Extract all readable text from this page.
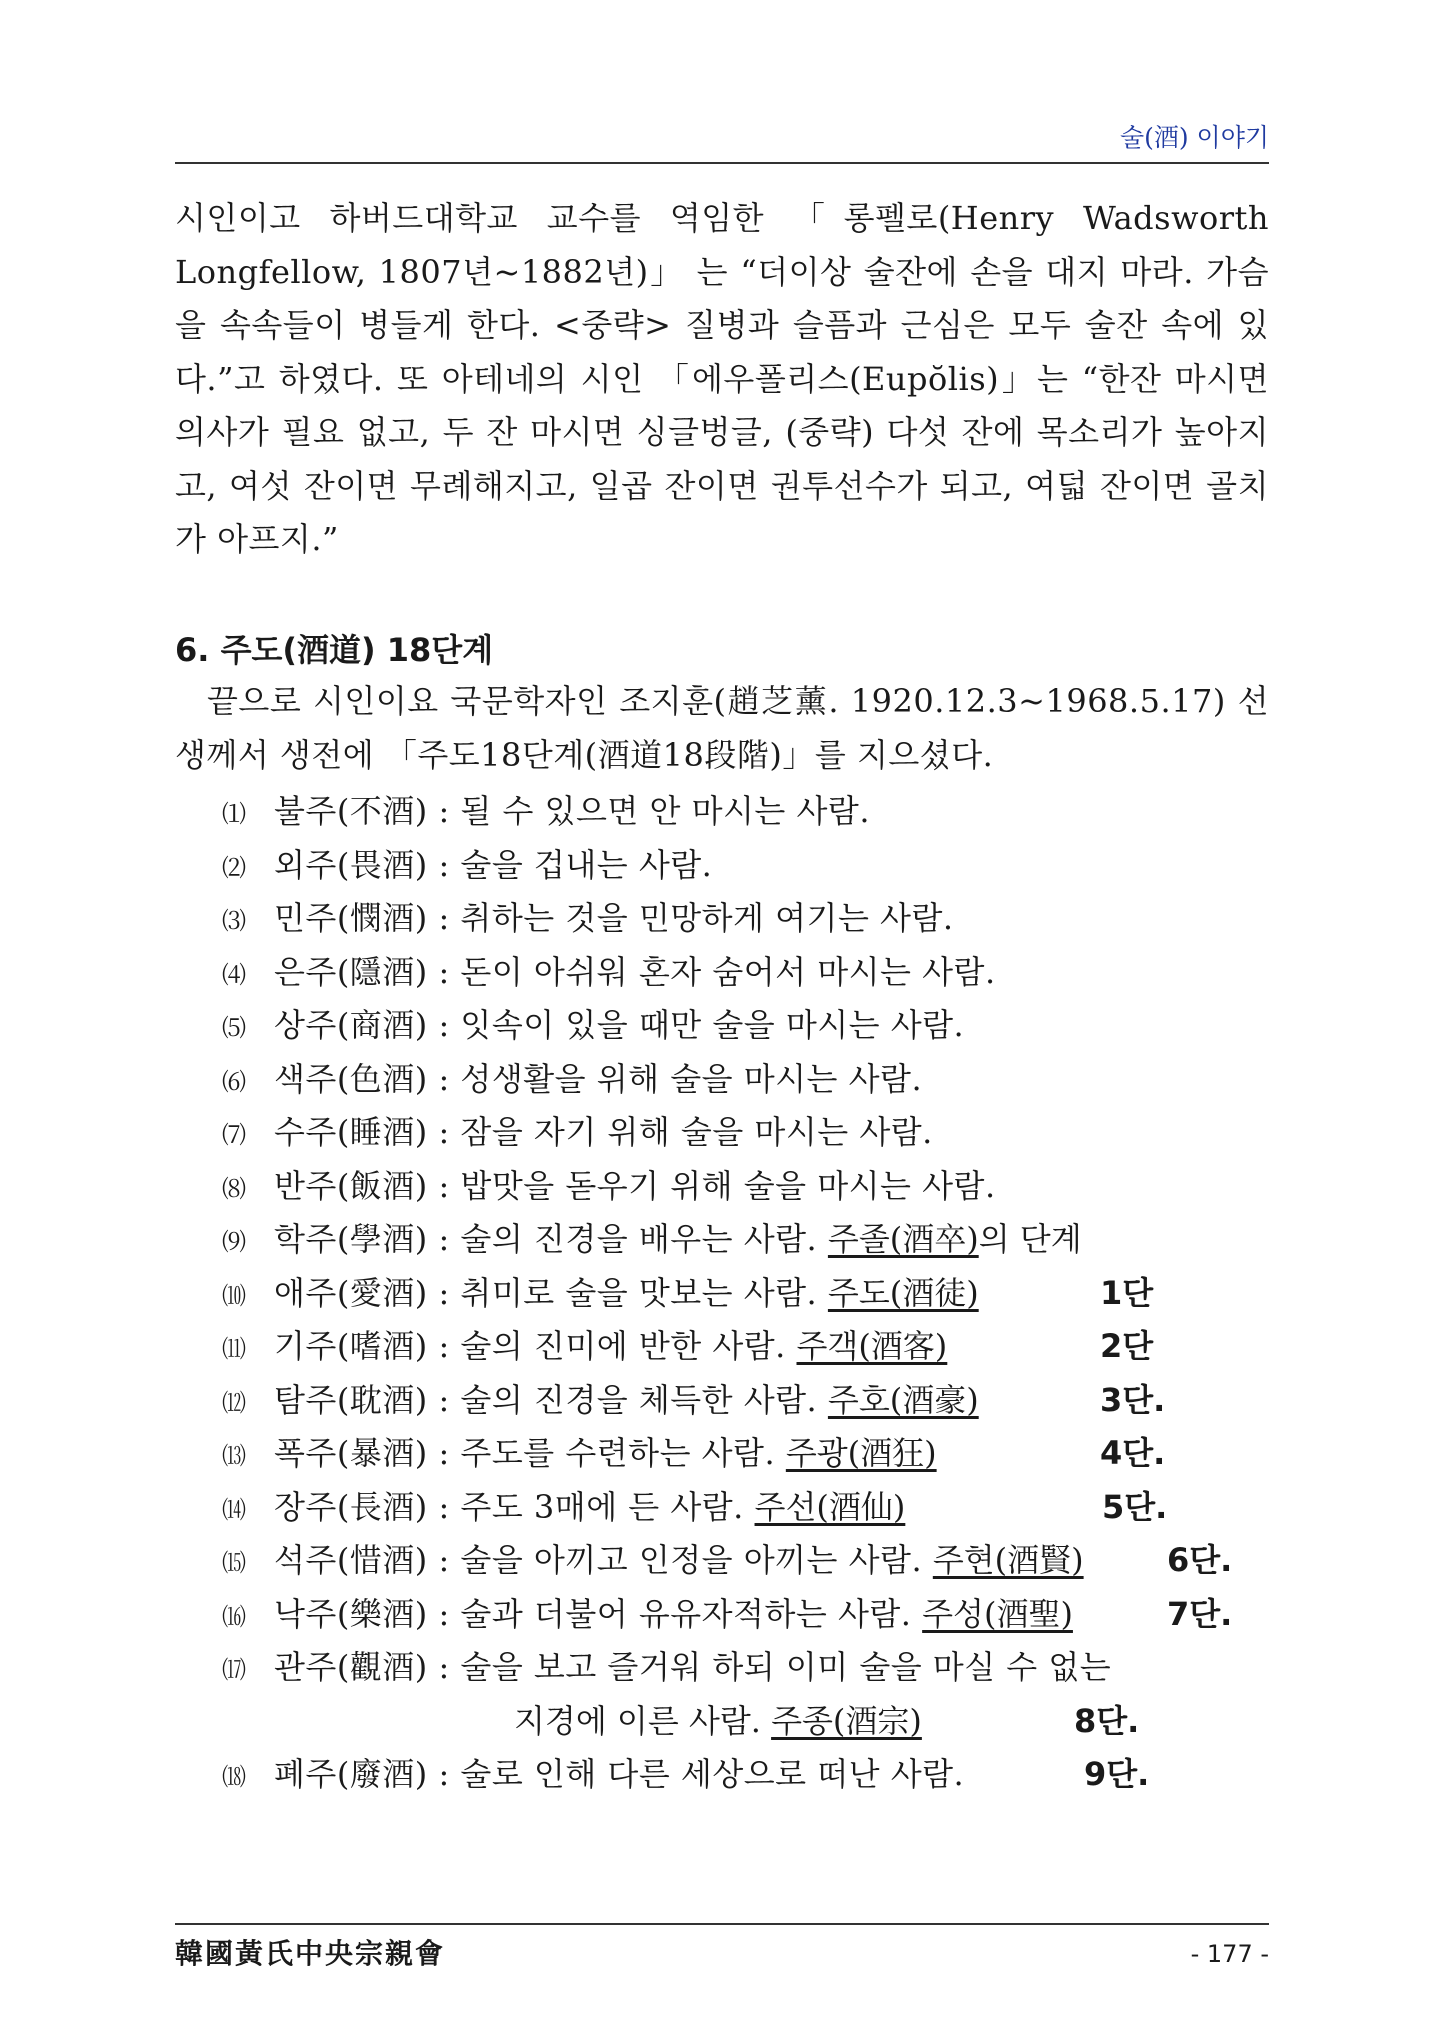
술(酒) 이야기
시인이고 하버드대학교 교수를 역임한 「롱펠로(Henry Wadsworth Longfellow, 1807년~1882년)」 는 “더이상 술잔에 손을 대지 마라. 가슴을 속속들이 병들게 한다. <중략> 질병과 슬픔과 근심은 모두 술잔 속에 있다.”고 하였다. 또 아테네의 시인 「에우폴리스(Eupŏlis)」는 “한잔 마시면 의사가 필요 없고, 두 잔 마시면 싱글벙글, (중략) 다섯 잔에 목소리가 높아지고, 여섯 잔이면 무례해지고, 일곱 잔이면 권투선수가 되고, 여덟 잔이면 골치가 아프지.”
6. 주도(酒道) 18단계
끝으로 시인이요 국문학자인 조지훈(趙芝薰. 1920.12.3~1968.5.17) 선생께서 생전에 「주도18단계(酒道18段階)」를 지으셨다.
⑴ 불주(不酒) : 될 수 있으면 안 마시는 사람.
⑵ 외주(畏酒) : 술을 겁내는 사람.
⑶ 민주(憫酒) : 취하는 것을 민망하게 여기는 사람.
⑷ 은주(隱酒) : 돈이 아쉬워 혼자 숨어서 마시는 사람.
⑸ 상주(商酒) : 잇속이 있을 때만 술을 마시는 사람.
⑹ 색주(色酒) : 성생활을 위해 술을 마시는 사람.
⑺ 수주(睡酒) : 잠을 자기 위해 술을 마시는 사람.
⑻ 반주(飯酒) : 밥맛을 돋우기 위해 술을 마시는 사람.
⑼ 학주(學酒) : 술의 진경을 배우는 사람. 주졸(酒卒)의 단계
⑽ 애주(愛酒) : 취미로 술을 맛보는 사람. 주도(酒徒)	1단
⑾ 기주(嗜酒) : 술의 진미에 반한 사람. 주객(酒客)	2단
⑿ 탐주(耽酒) : 술의 진경을 체득한 사람. 주호(酒豪)	3단.
⒀ 폭주(暴酒) : 주도를 수련하는 사람. 주광(酒狂)	4단.
⒁ 장주(長酒) : 주도 3매에 든 사람. 주선(酒仙)	5단.
⒂ 석주(惜酒) : 술을 아끼고 인정을 아끼는 사람. 주현(酒賢)	6단.
⒃ 낙주(樂酒) : 술과 더불어 유유자적하는 사람. 주성(酒聖)	7단.
⒄ 관주(觀酒) : 술을 보고 즐거워 하되 이미 술을 마실 수 없는
지경에 이른 사람. 주종(酒宗)	8단.
⒅ 폐주(廢酒) : 술로 인해 다른 세상으로 떠난 사람.	9단.
韓國黃氏中央宗親會	- 177 -
